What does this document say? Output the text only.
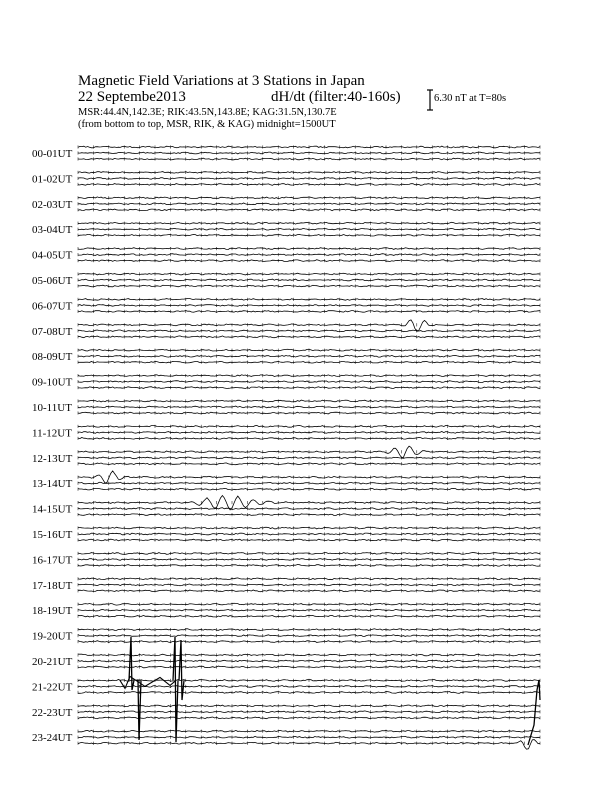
Magnetic Field Variations at 3 Stations in Japan
22 Septembe2013	dH/dt (filter:40-160s)
MSR:44.4N,142.3E; RIK:43.5N,143.8E; KAG:31.5N,130.7E
(from bottom to top, MSR, RIK, & KAG) midnight=1500UT
6.30 nT at T=80s
00-01UT
01-02UT
02-03UT
03-04UT
04-05UT
05-06UT
06-07UT
07-08UT
08-09UT
09-10UT
10-11UT
11-12UT
12-13UT
13-14UT
14-15UT
15-16UT
16-17UT
17-18UT
18-19UT
19-20UT
20-21UT
21-22UT
22-23UT
23-24UT
